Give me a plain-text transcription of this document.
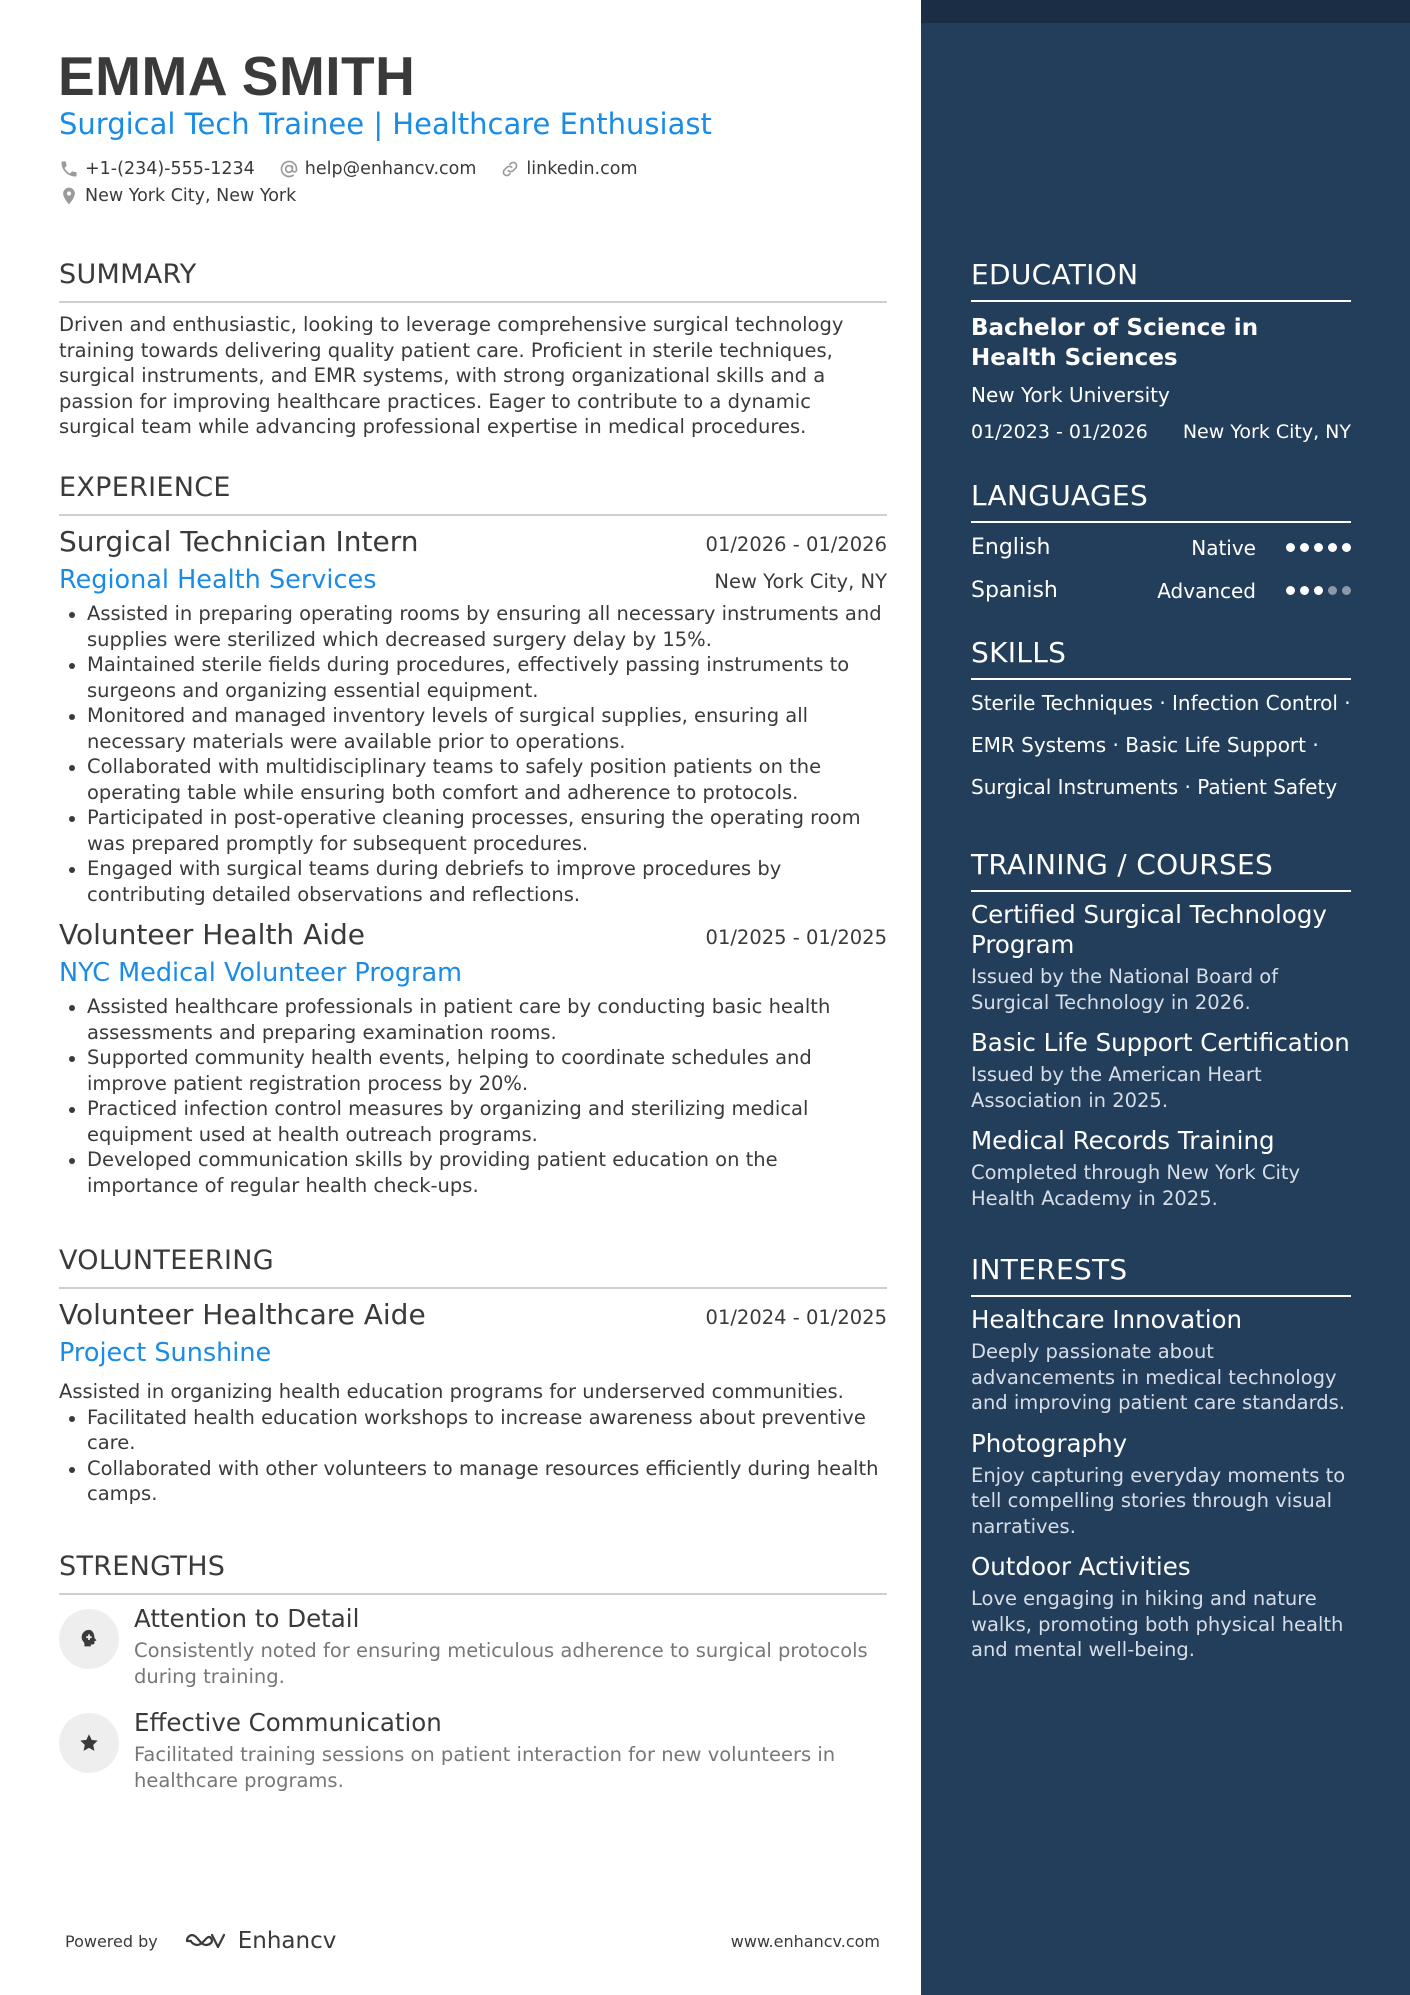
EMMA SMITH
Surgical Tech Trainee | Healthcare Enthusiast
+1-(234)-555-1234	help@enhancv.com	linkedin.com
New York City, New York
SUMMARY
Driven and enthusiastic, looking to leverage comprehensive surgical technology training towards delivering quality patient care. Proficient in sterile techniques, surgical instruments, and EMR systems, with strong organizational skills and a passion for improving healthcare practices. Eager to contribute to a dynamic surgical team while advancing professional expertise in medical procedures.
EXPERIENCE
Surgical Technician Intern	01/2026 - 01/2026
Regional Health Services	New York City, NY
Assisted in preparing operating rooms by ensuring all necessary instruments and supplies were sterilized which decreased surgery delay by 15%.
Maintained sterile fields during procedures, effectively passing instruments to surgeons and organizing essential equipment.
Monitored and managed inventory levels of surgical supplies, ensuring all necessary materials were available prior to operations.
Collaborated with multidisciplinary teams to safely position patients on the operating table while ensuring both comfort and adherence to protocols.
Participated in post-operative cleaning processes, ensuring the operating room was prepared promptly for subsequent procedures.
Engaged with surgical teams during debriefs to improve procedures by contributing detailed observations and reflections.
Volunteer Health Aide	01/2025 - 01/2025
NYC Medical Volunteer Program
Assisted healthcare professionals in patient care by conducting basic health assessments and preparing examination rooms.
Supported community health events, helping to coordinate schedules and improve patient registration process by 20%.
Practiced infection control measures by organizing and sterilizing medical equipment used at health outreach programs.
Developed communication skills by providing patient education on the importance of regular health check-ups.
VOLUNTEERING
Volunteer Healthcare Aide	01/2024 - 01/2025
Project Sunshine
Assisted in organizing health education programs for underserved communities.
Facilitated health education workshops to increase awareness about preventive care.
Collaborated with other volunteers to manage resources efficiently during health camps.
STRENGTHS
Attention to Detail
Consistently noted for ensuring meticulous adherence to surgical protocols during training.
Effective Communication
Facilitated training sessions on patient interaction for new volunteers in healthcare programs.
Powered by	Enhancv	www.enhancv.com
EDUCATION
Bachelor of Science in Health Sciences
New York University
01/2023 - 01/2026 New York City, NY
LANGUAGES
English	Native
Spanish	Advanced
SKILLS
Sterile Techniques · Infection Control ·
EMR Systems · Basic Life Support ·
Surgical Instruments · Patient Safety
TRAINING / COURSES
Certified Surgical Technology Program
Issued by the National Board of Surgical Technology in 2026.
Basic Life Support Certification
Issued by the American Heart Association in 2025.
Medical Records Training
Completed through New York City Health Academy in 2025.
INTERESTS
Healthcare Innovation
Deeply passionate about advancements in medical technology and improving patient care standards.
Photography
Enjoy capturing everyday moments to tell compelling stories through visual narratives.
Outdoor Activities
Love engaging in hiking and nature walks, promoting both physical health and mental well-being.
